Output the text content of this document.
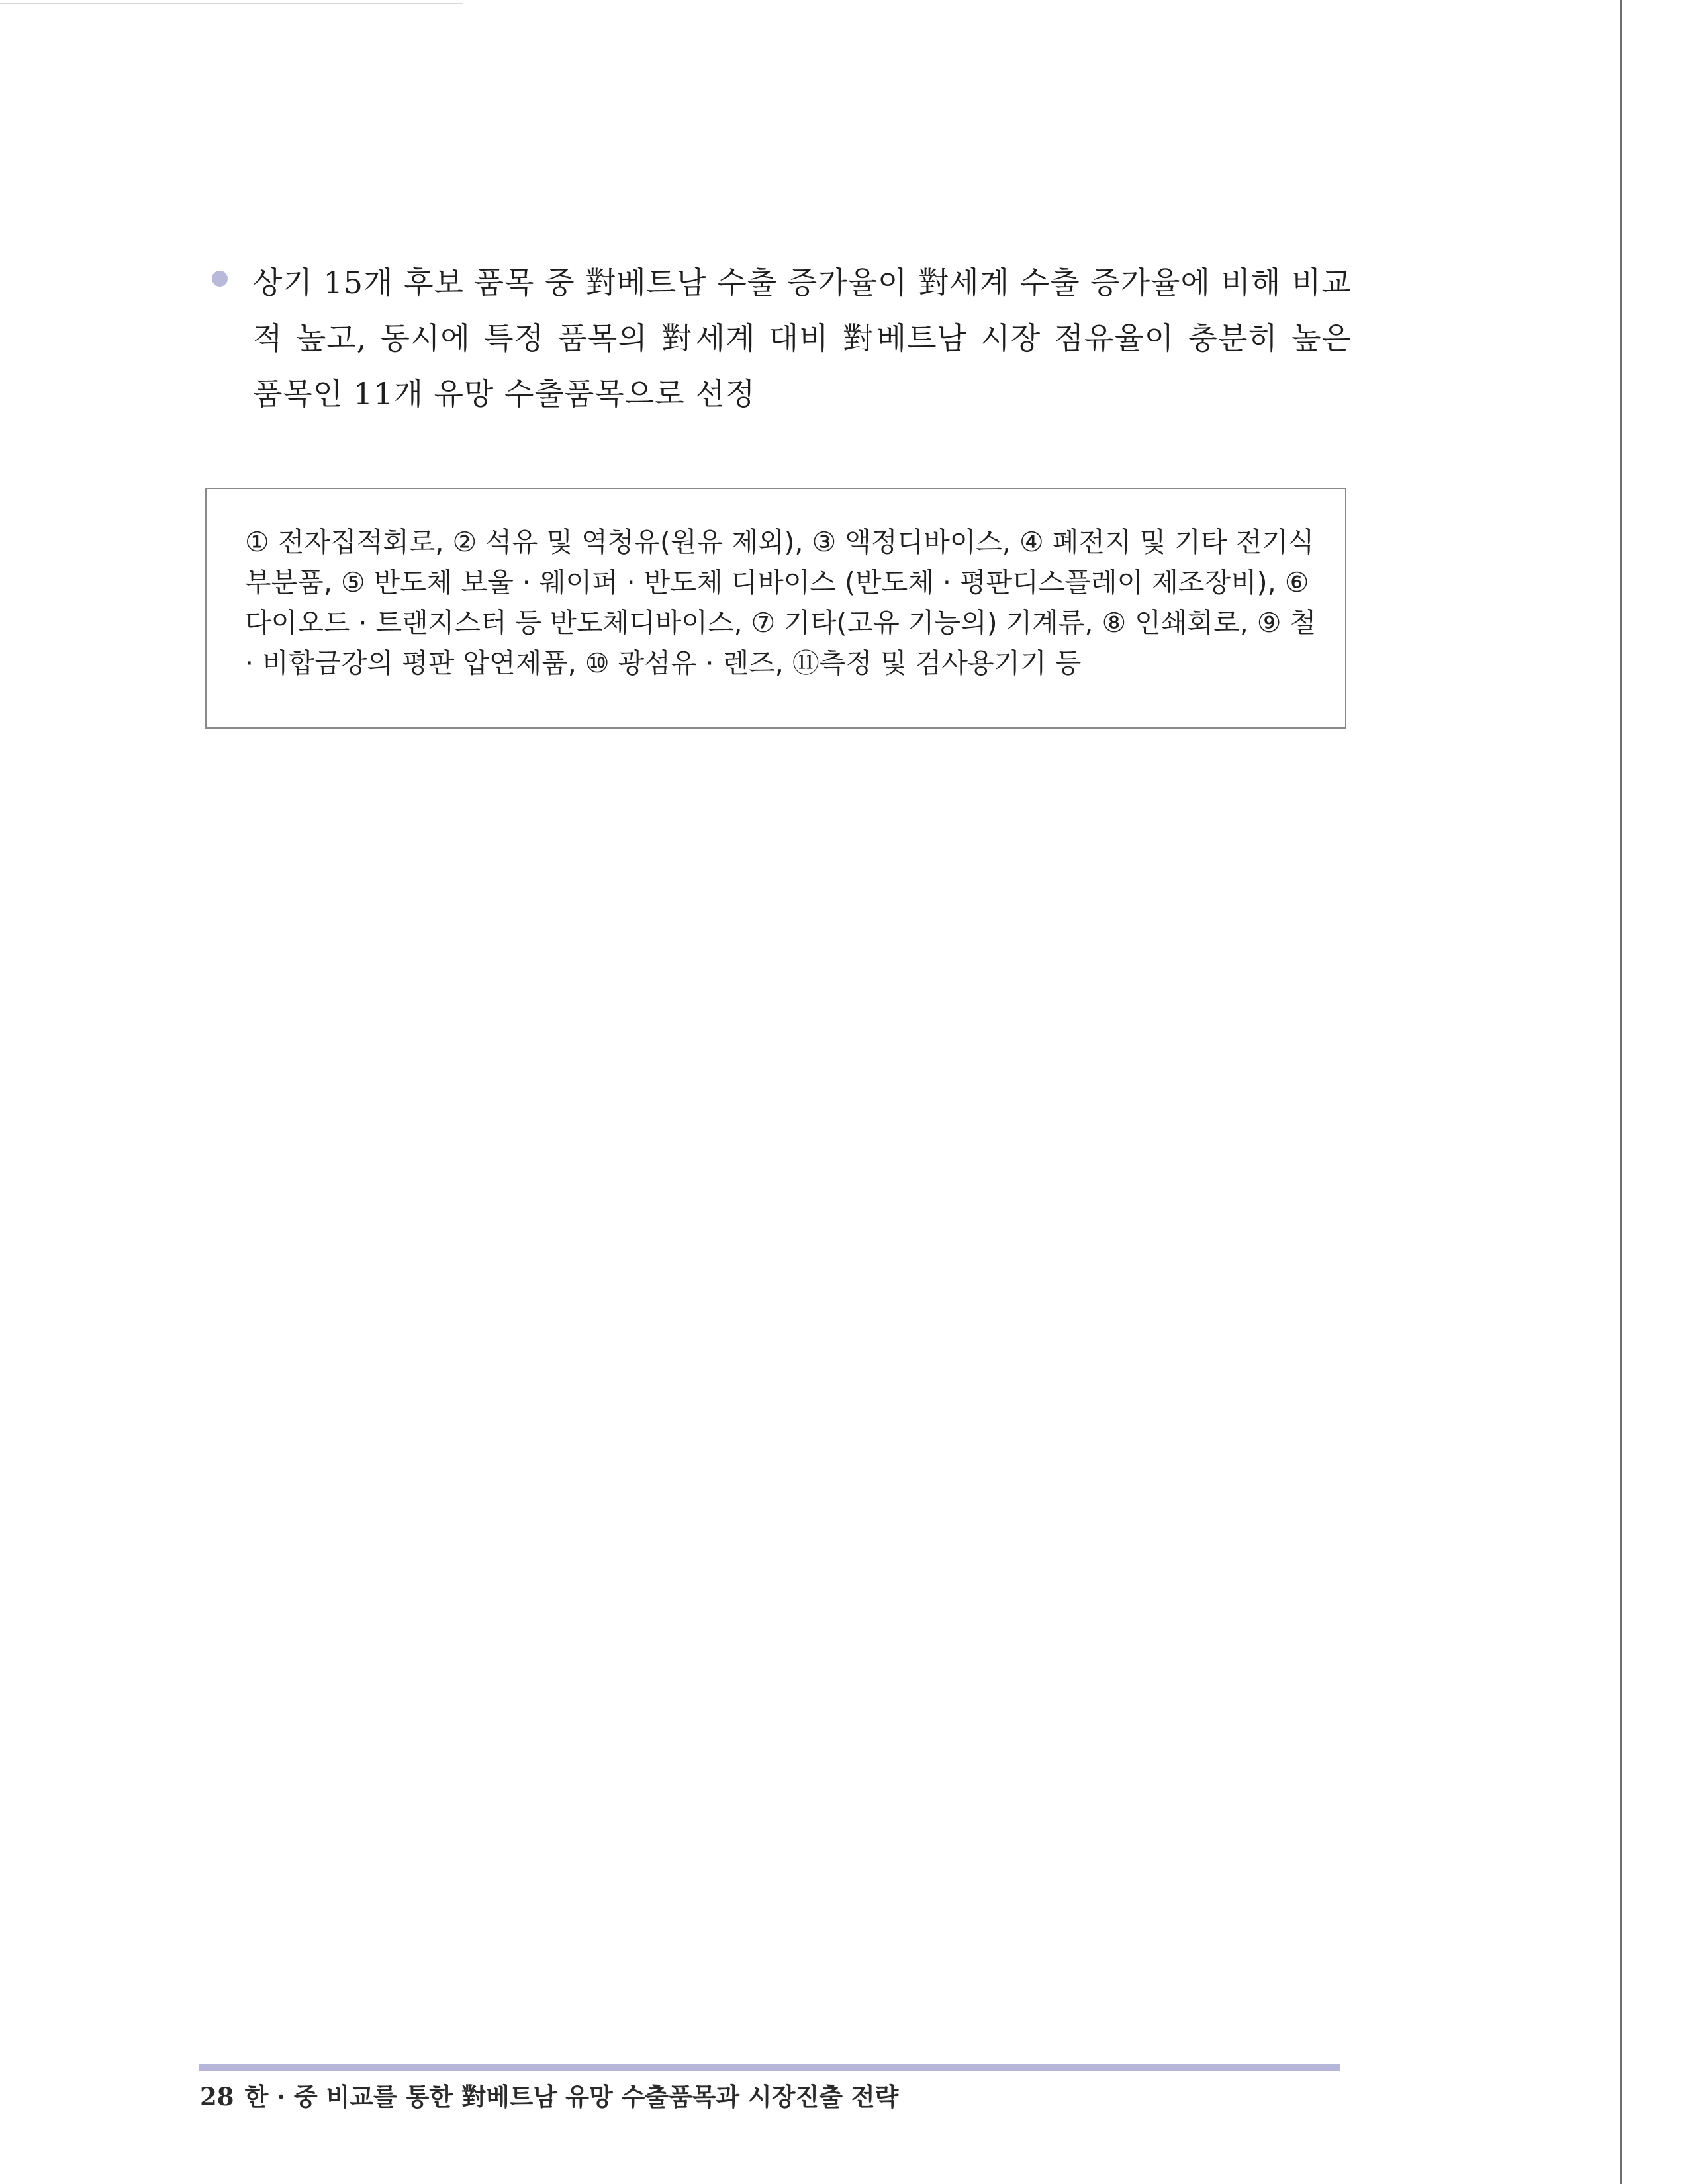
상기 15개 후보 품목 중 對베트남 수출 증가율이 對세계 수출 증가율에 비해 비교적 높고, 동시에 특정 품목의 對세계 대비 對베트남 시장 점유율이 충분히 높은 품목인 11개 유망 수출품목으로 선정
① 전자집적회로, ② 석유 및 역청유(원유 제외), ③ 액정디바이스, ④ 폐전지 및 기타 전기식 부분품, ⑤ 반도체 보울 · 웨이퍼 · 반도체 디바이스 (반도체 · 평판디스플레이 제조장비), ⑥ 다이오드 · 트랜지스터 등 반도체디바이스, ⑦ 기타(고유 기능의) 기계류, ⑧ 인쇄회로, ⑨ 철 · 비합금강의 평판 압연제품, ⑩ 광섬유 · 렌즈, ⑪측정 및 검사용기기 등
28 한 · 중 비교를 통한 對베트남 유망 수출품목과 시장진출 전략
